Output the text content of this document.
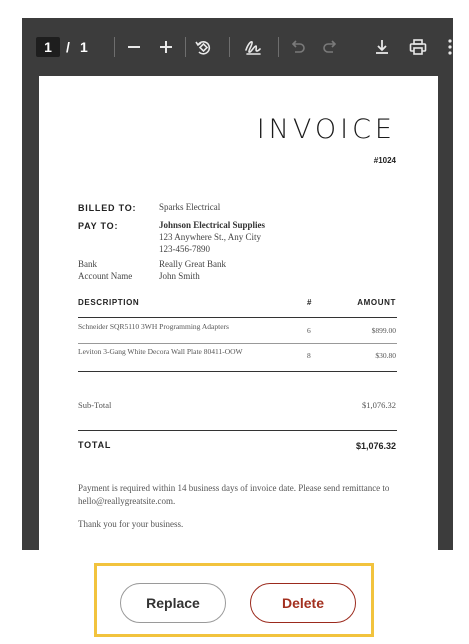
1	/ 1
INVOICE
#1024
BILLED TO:	Sparks Electrical
PAY TO:	Johnson Electrical Supplies
123 Anywhere St., Any City
123-456-7890
Bank	Really Great Bank
Account Name	John Smith
DESCRIPTION	#	AMOUNT
Schneider SQR5110 3WH Programming Adapters	6	$899.00
Leviton 3-Gang White Decora Wall Plate 80411-OOW	8	$30.80
Sub-Total	$1,076.32
TOTAL	$1,076.32
Payment is required within 14 business days of invoice date. Please send remittance to hello@reallygreatsite.com.
Thank you for your business.
Replace	Delete
